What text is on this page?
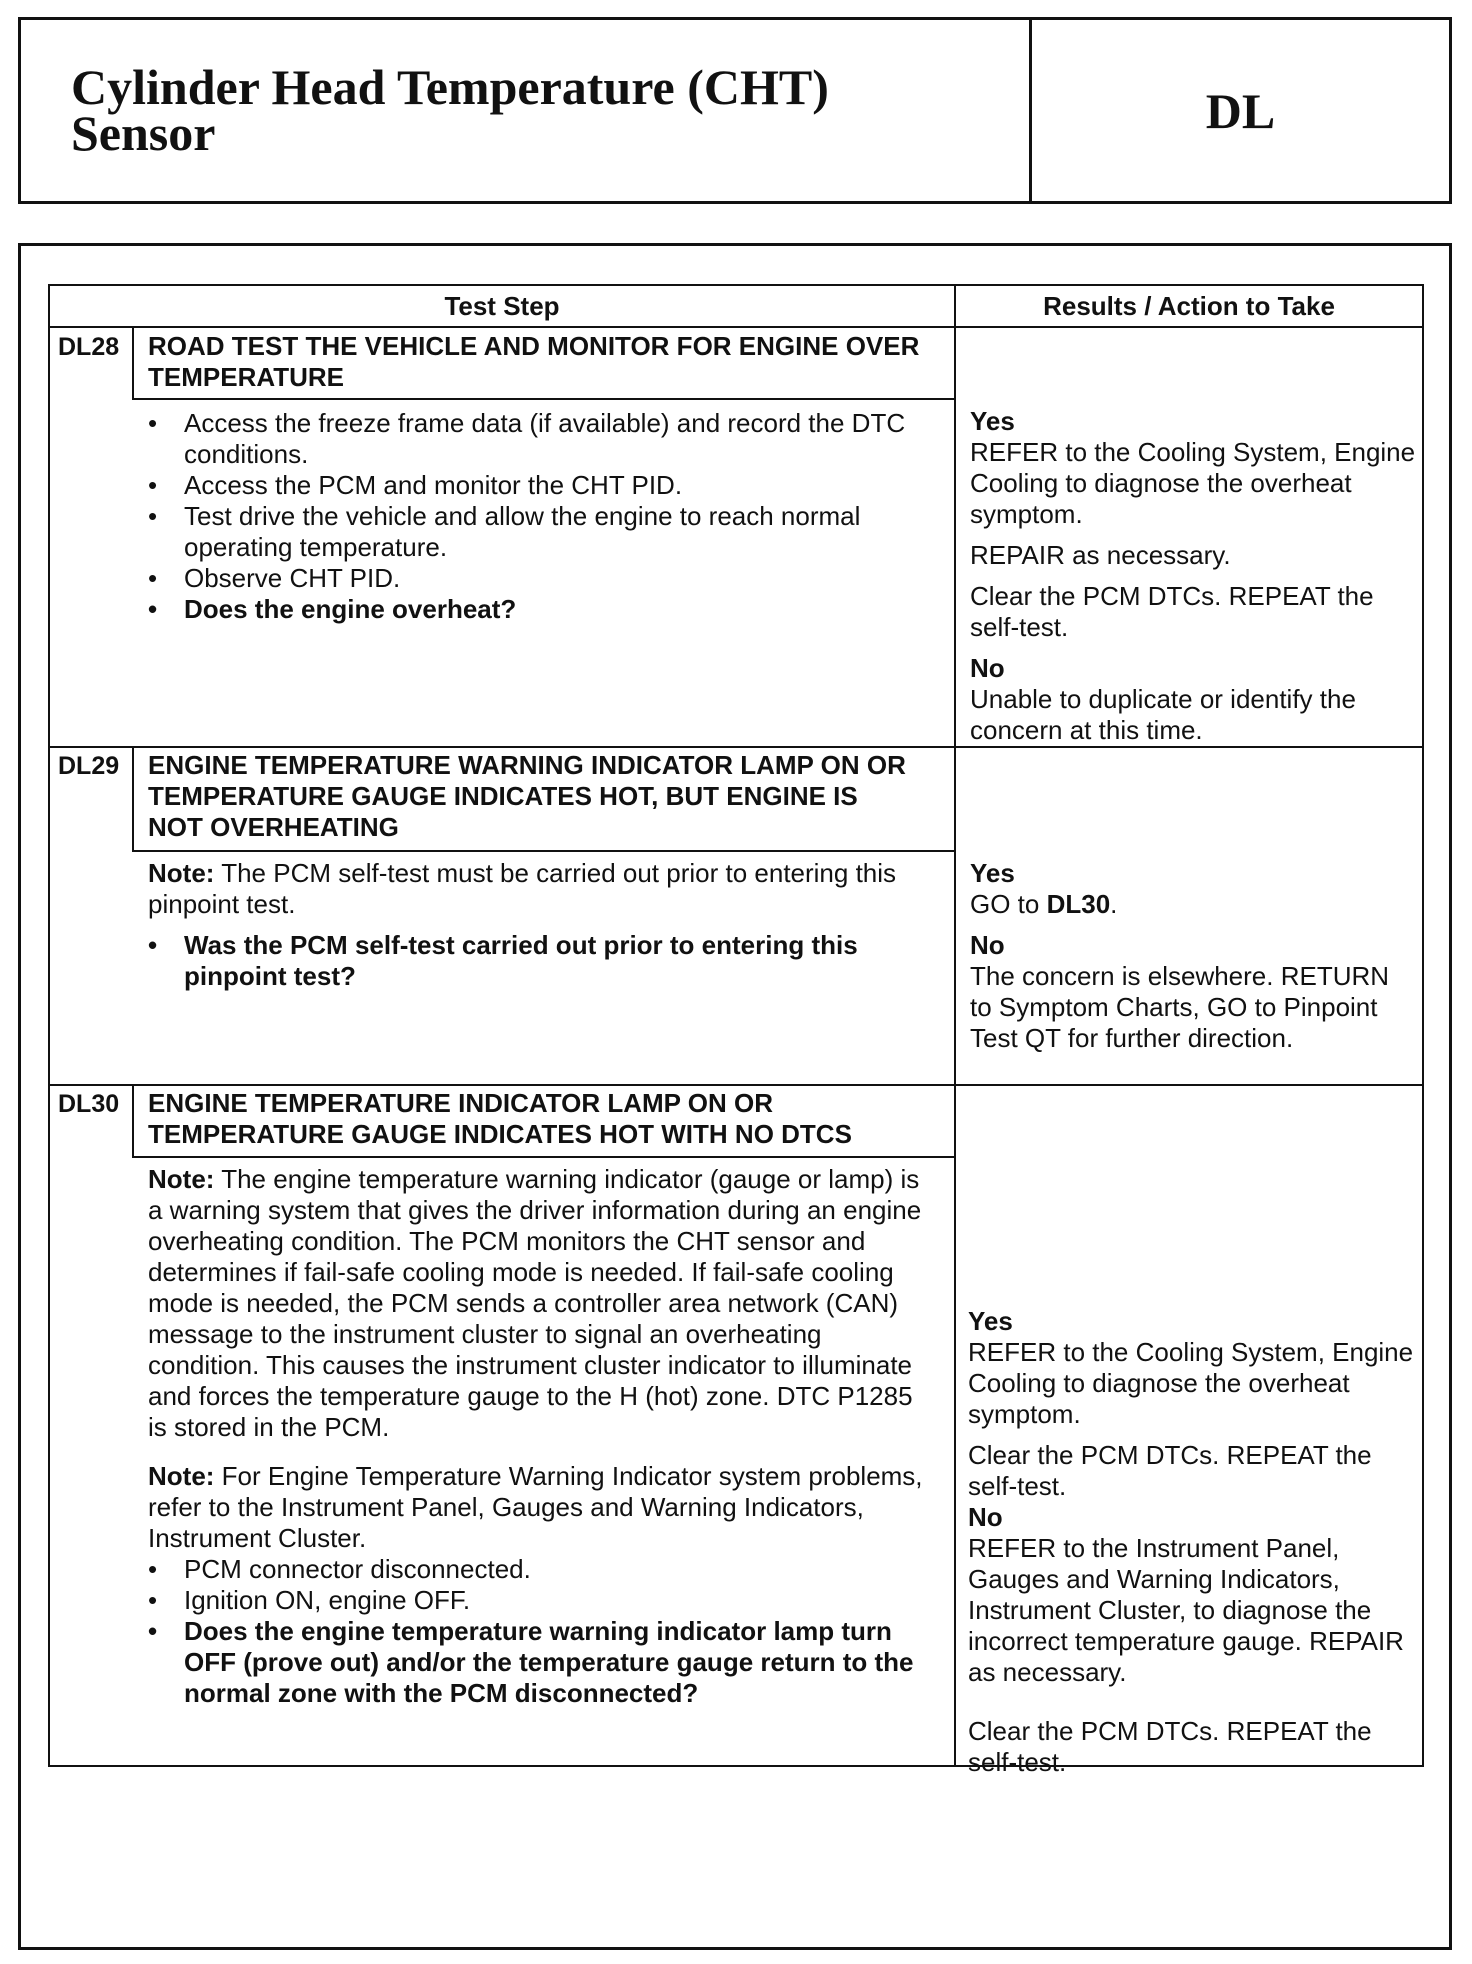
Cylinder Head Temperature (CHT)
Sensor	DL
Test Step	Results / Action to Take
DL28 ROAD TEST THE VEHICLE AND MONITOR FOR ENGINE OVER TEMPERATURE
• Access the freeze frame data (if available) and record the DTC conditions.
• Access the PCM and monitor the CHT PID.
• Test drive the vehicle and allow the engine to reach normal operating temperature.
• Observe CHT PID.
• Does the engine overheat?
Yes
REFER to the Cooling System, Engine Cooling to diagnose the overheat symptom.
REPAIR as necessary.
Clear the PCM DTCs. REPEAT the self-test.
No
Unable to duplicate or identify the concern at this time.
DL29 ENGINE TEMPERATURE WARNING INDICATOR LAMP ON OR TEMPERATURE GAUGE INDICATES HOT, BUT ENGINE IS NOT OVERHEATING
Note: The PCM self-test must be carried out prior to entering this pinpoint test.
• Was the PCM self-test carried out prior to entering this pinpoint test?
Yes
GO to DL30.
No
The concern is elsewhere. RETURN to Symptom Charts, GO to Pinpoint Test QT for further direction.
DL30 ENGINE TEMPERATURE INDICATOR LAMP ON OR TEMPERATURE GAUGE INDICATES HOT WITH NO DTCS
Note: The engine temperature warning indicator (gauge or lamp) is a warning system that gives the driver information during an engine overheating condition. The PCM monitors the CHT sensor and determines if fail-safe cooling mode is needed. If fail-safe cooling mode is needed, the PCM sends a controller area network (CAN) message to the instrument cluster to signal an overheating condition. This causes the instrument cluster indicator to illuminate and forces the temperature gauge to the H (hot) zone. DTC P1285 is stored in the PCM.
Note: For Engine Temperature Warning Indicator system problems, refer to the Instrument Panel, Gauges and Warning Indicators, Instrument Cluster.
• PCM connector disconnected.
• Ignition ON, engine OFF.
• Does the engine temperature warning indicator lamp turn OFF (prove out) and/or the temperature gauge return to the normal zone with the PCM disconnected?
Yes
REFER to the Cooling System, Engine Cooling to diagnose the overheat symptom.
Clear the PCM DTCs. REPEAT the self-test.
No
REFER to the Instrument Panel, Gauges and Warning Indicators, Instrument Cluster, to diagnose the incorrect temperature gauge. REPAIR as necessary.
Clear the PCM DTCs. REPEAT the self-test.
